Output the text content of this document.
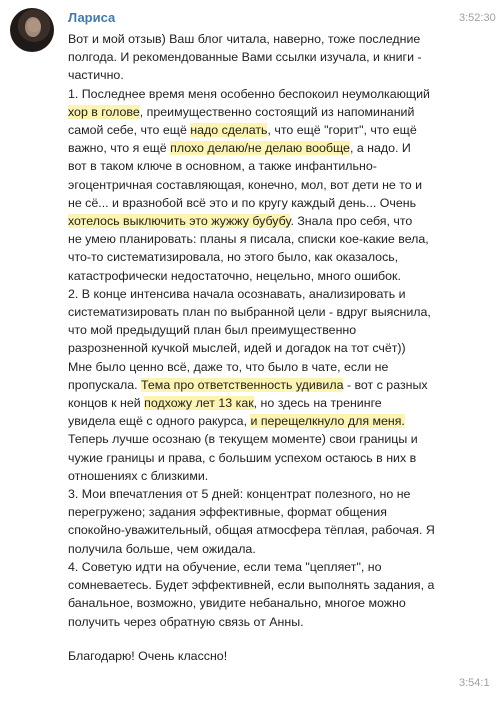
Лариса	3:52:30

Вот и мой отзыв) Ваш блог читала, наверно, тоже последние

полгода. И рекомендованные Вами ссылки изучала, и книги -

частично.

1. Последнее время меня особенно беспокоил неумолкающий

хор в голове, преимущественно состоящий из напоминаний

самой себе, что ещё надо сделать, что ещё "горит", что ещё

важно, что я ещё плохо делаю/не делаю вообще, а надо. И

вот в таком ключе в основном, а также инфантильно-

эгоцентричная составляющая, конечно, мол, вот дети не то и

не сё... и вразнобой всё это и по кругу каждый день... Очень

хотелось выключить это жужжу бубубу. Знала про себя, что

не умею планировать: планы я писала, списки кое-какие вела,

что-то систематизировала, но этого было, как оказалось,

катастрофически недостаточно, нецельно, много ошибок.

2. В конце интенсива начала осознавать, анализировать и

систематизировать план по выбранной цели - вдруг выяснила,

что мой предыдущий план был преимущественно

разрозненной кучкой мыслей, идей и догадок на тот счёт))

Мне было ценно всё, даже то, что было в чате, если не

пропускала. Тема про ответственность удивила - вот с разных

концов к ней подхожу лет 13 как, но здесь на тренинге

увидела ещё с одного ракурса, и перещелкнуло для меня.

Теперь лучше осознаю (в текущем моменте) свои границы и

чужие границы и права, с большим успехом остаюсь в них в

отношениях с близкими.

3. Мои впечатления от 5 дней: концентрат полезного, но не

перегружено; задания эффективные, формат общения

спокойно-уважительный, общая атмосфера тёплая, рабочая. Я

получила больше, чем ожидала.

4. Советую идти на обучение, если тема "цепляет", но

сомневаетесь. Будет эффективней, если выполнять задания, а

банальное, возможно, увидите небанально, многое можно

получить через обратную связь от Анны.

Благодарю! Очень классно!

3:54:1
